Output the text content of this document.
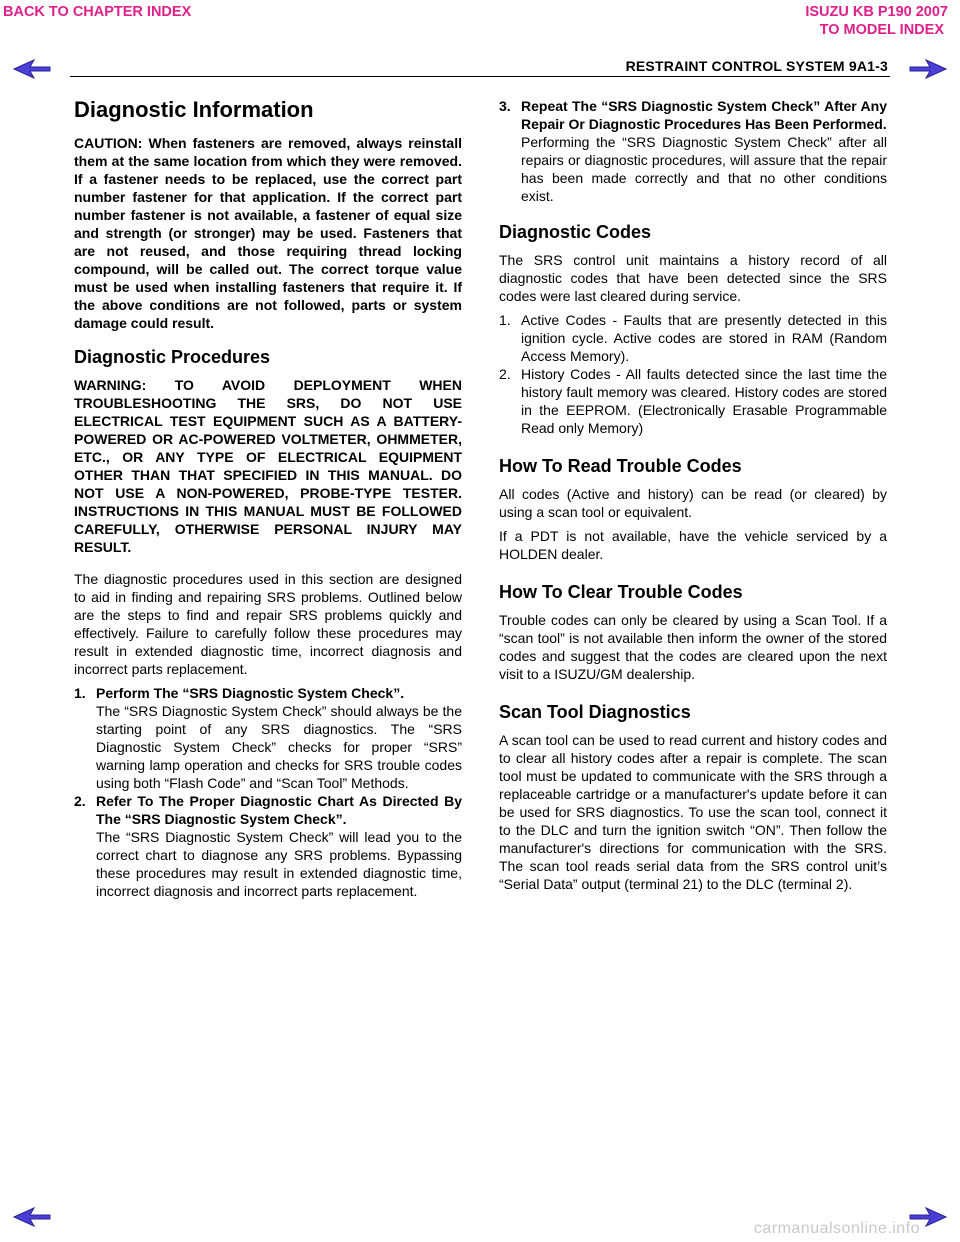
BACK TO CHAPTER INDEX	ISUZU KB P190 2007
TO MODEL INDEX
RESTRAINT CONTROL SYSTEM 9A1-3
Diagnostic Information

CAUTION: When fasteners are removed, always reinstall them at the same location from which they were removed. If a fastener needs to be replaced, use the correct part number fastener for that application. If the correct part number fastener is not available, a fastener of equal size and strength (or stronger) may be used. Fasteners that are not reused, and those requiring thread locking compound, will be called out. The correct torque value must be used when installing fasteners that require it. If the above conditions are not followed, parts or system damage could result.

Diagnostic Procedures

WARNING: TO AVOID DEPLOYMENT WHEN TROUBLESHOOTING THE SRS, DO NOT USE ELECTRICAL TEST EQUIPMENT SUCH AS A BATTERY-POWERED OR AC-POWERED VOLTMETER, OHMMETER, ETC., OR ANY TYPE OF ELECTRICAL EQUIPMENT OTHER THAN THAT SPECIFIED IN THIS MANUAL. DO NOT USE A NON-POWERED, PROBE-TYPE TESTER. INSTRUCTIONS IN THIS MANUAL MUST BE FOLLOWED CAREFULLY, OTHERWISE PERSONAL INJURY MAY RESULT.

The diagnostic procedures used in this section are designed to aid in finding and repairing SRS problems. Outlined below are the steps to find and repair SRS problems quickly and effectively. Failure to carefully follow these procedures may result in extended diagnostic time, incorrect diagnosis and incorrect parts replacement.

1. Perform The “SRS Diagnostic System Check”.
The “SRS Diagnostic System Check” should always be the starting point of any SRS diagnostics. The “SRS Diagnostic System Check” checks for proper “SRS” warning lamp operation and checks for SRS trouble codes using both “Flash Code” and “Scan Tool” Methods.
2. Refer To The Proper Diagnostic Chart As Directed By The “SRS Diagnostic System Check”.
The “SRS Diagnostic System Check” will lead you to the correct chart to diagnose any SRS problems. Bypassing these procedures may result in extended diagnostic time, incorrect diagnosis and incorrect parts replacement.
3. Repeat The “SRS Diagnostic System Check” After Any Repair Or Diagnostic Procedures Has Been Performed.
Performing the “SRS Diagnostic System Check” after all repairs or diagnostic procedures, will assure that the repair has been made correctly and that no other conditions exist.
Diagnostic Codes

The SRS control unit maintains a history record of all diagnostic codes that have been detected since the SRS codes were last cleared during service.

1. Active Codes - Faults that are presently detected in this ignition cycle. Active codes are stored in RAM (Random Access Memory).
2. History Codes - All faults detected since the last time the history fault memory was cleared. History codes are stored in the EEPROM. (Electronically Erasable Programmable Read only Memory)
How To Read Trouble Codes

All codes (Active and history) can be read (or cleared) by using a scan tool or equivalent.

If a PDT is not available, have the vehicle serviced by a HOLDEN dealer.

How To Clear Trouble Codes

Trouble codes can only be cleared by using a Scan Tool. If a “scan tool” is not available then inform the owner of the stored codes and suggest that the codes are cleared upon the next visit to a ISUZU/GM dealership.

Scan Tool Diagnostics

A scan tool can be used to read current and history codes and to clear all history codes after a repair is complete. The scan tool must be updated to communicate with the SRS through a replaceable cartridge or a manufacturer's update before it can be used for SRS diagnostics. To use the scan tool, connect it to the DLC and turn the ignition switch “ON”. Then follow the manufacturer's directions for communication with the SRS. The scan tool reads serial data from the SRS control unit’s “Serial Data” output (terminal 21) to the DLC (terminal 2).

carmanualsonline.info
